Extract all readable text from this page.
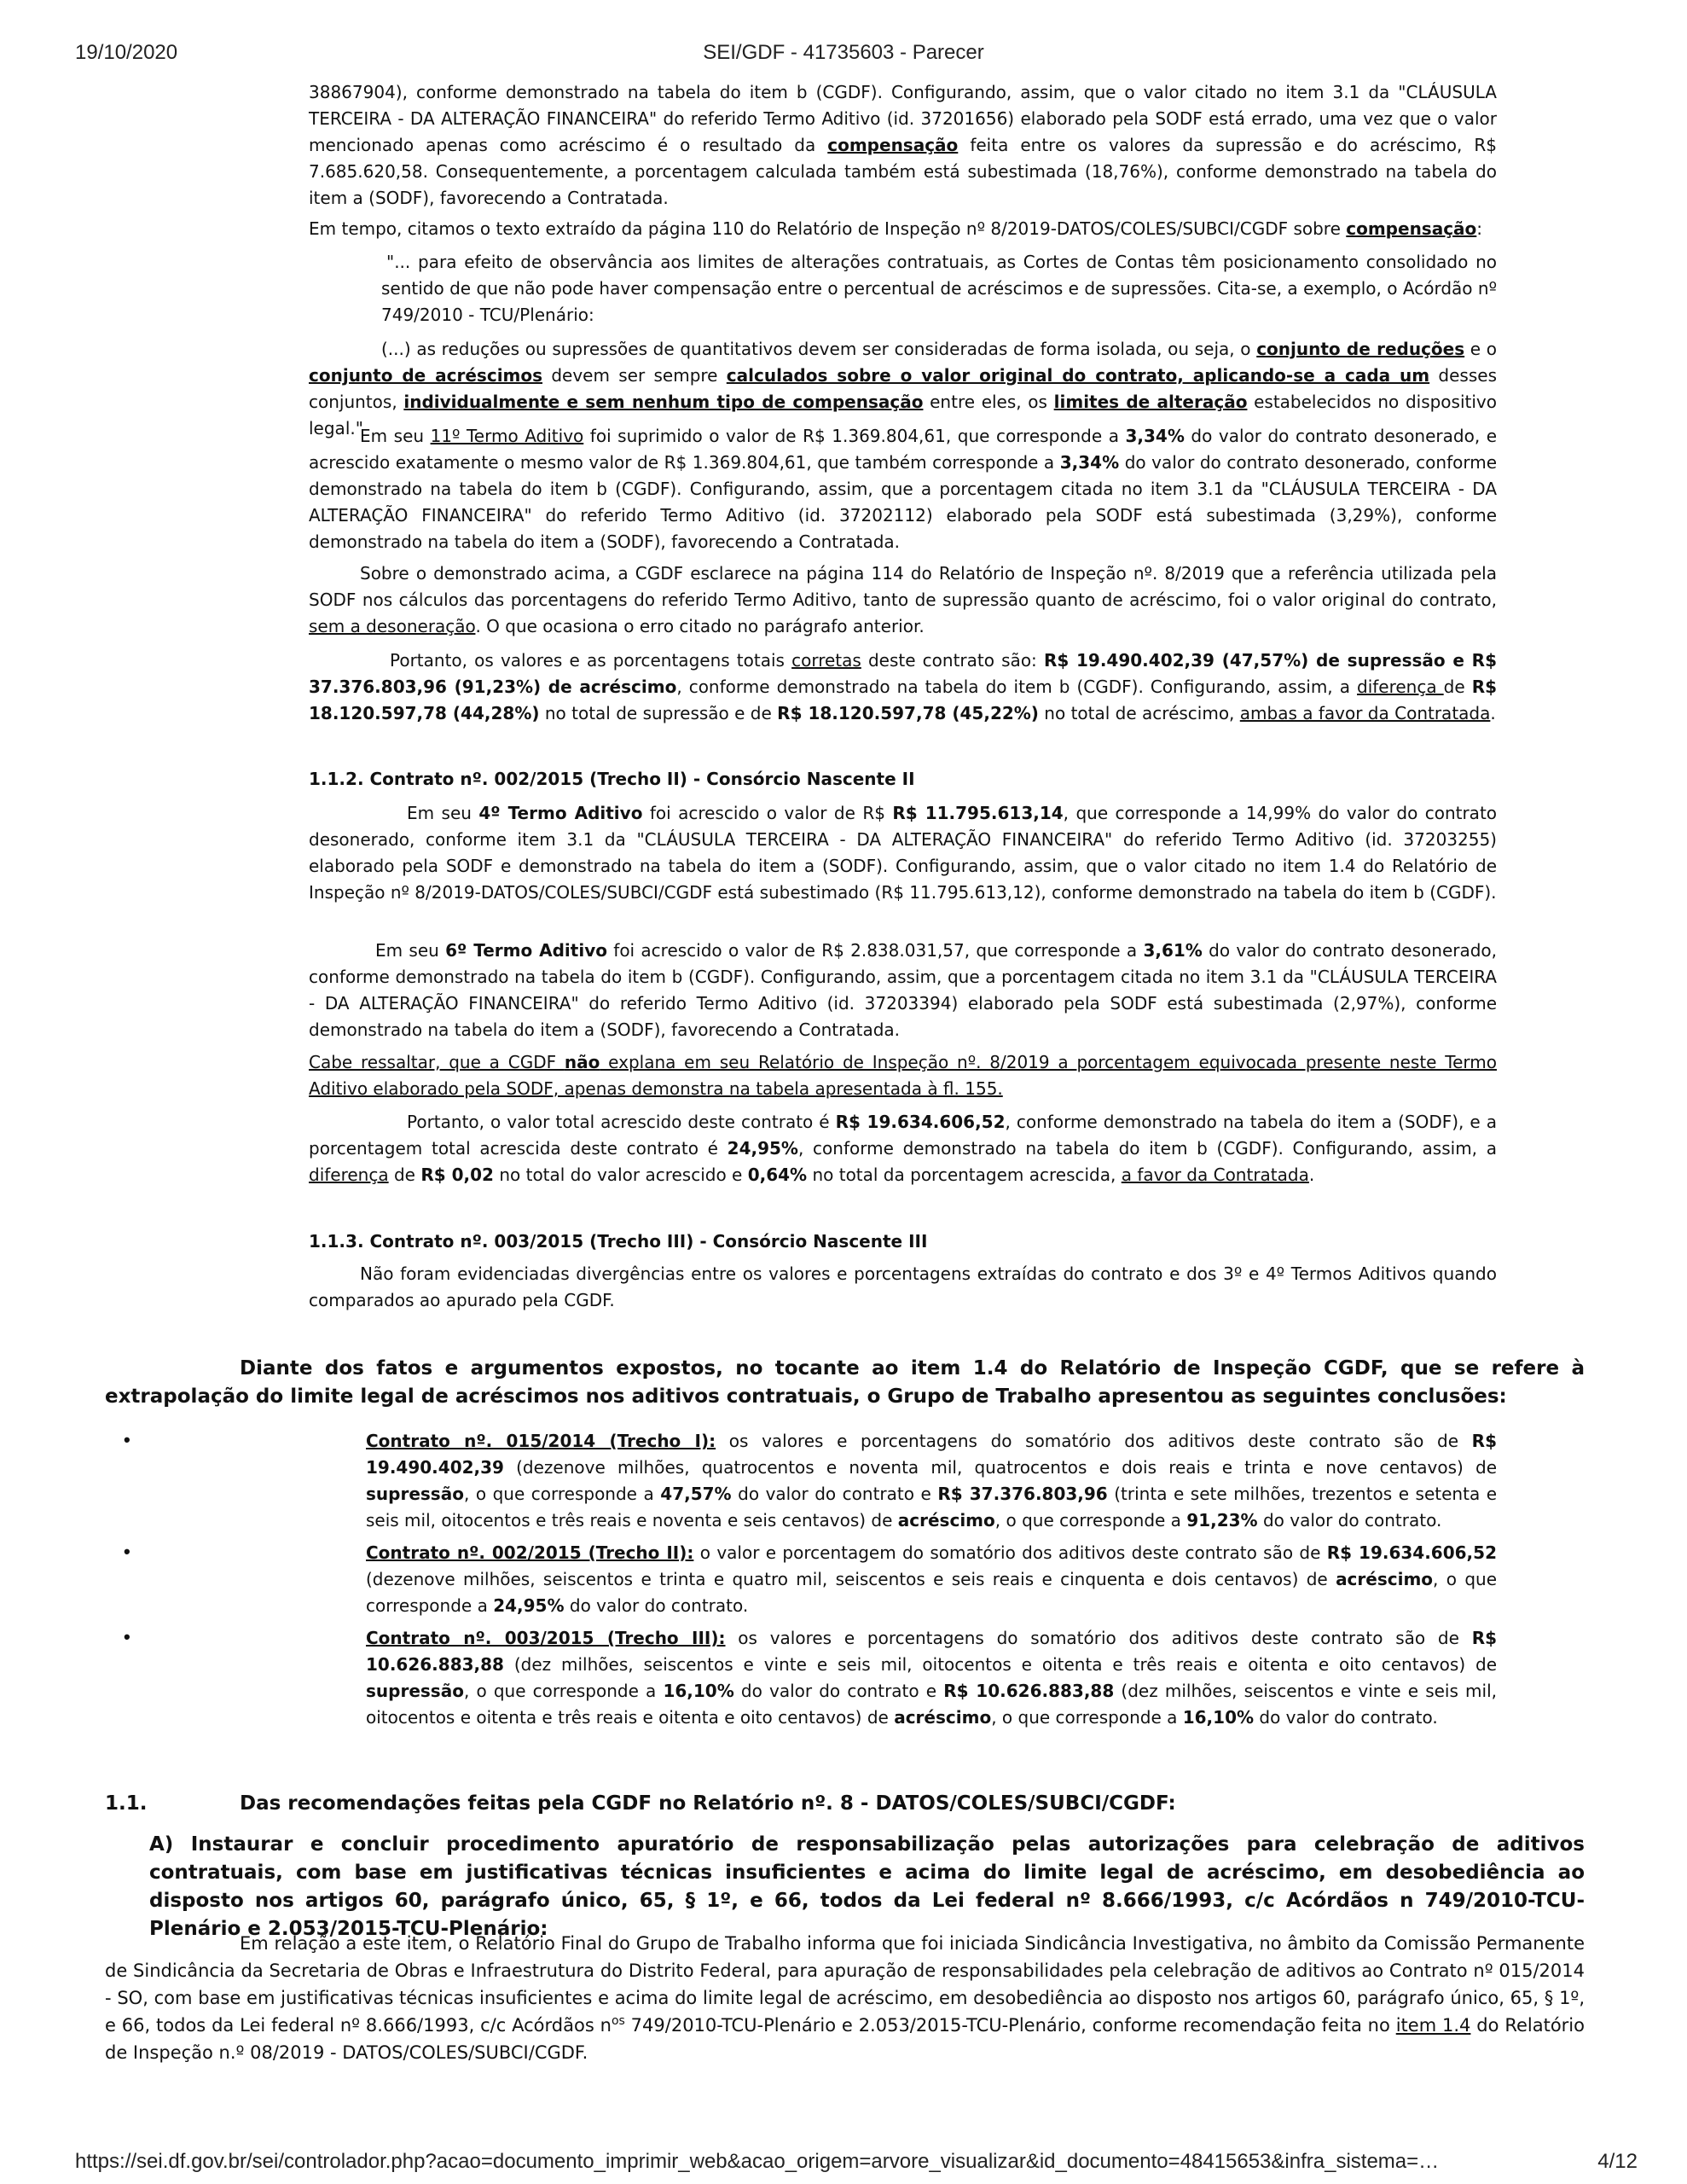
19/10/2020	SEI/GDF - 41735603 - Parecer
38867904), conforme demonstrado na tabela do item b (CGDF). Configurando, assim, que o valor citado no item 3.1 da "CLÁUSULA TERCEIRA - DA ALTERAÇÃO FINANCEIRA" do referido Termo Aditivo (id. 37201656) elaborado pela SODF está errado, uma vez que o valor mencionado apenas como acréscimo é o resultado da compensação feita entre os valores da supressão e do acréscimo, R$ 7.685.620,58. Consequentemente, a porcentagem calculada também está subestimada (18,76%), conforme demonstrado na tabela do item a (SODF), favorecendo a Contratada.
Em tempo, citamos o texto extraído da página 110 do Relatório de Inspeção nº 8/2019-DATOS/COLES/SUBCI/CGDF sobre compensação:
"... para efeito de observância aos limites de alterações contratuais, as Cortes de Contas têm posicionamento consolidado no sentido de que não pode haver compensação entre o percentual de acréscimos e de supressões. Cita-se, a exemplo, o Acórdão nº 749/2010 - TCU/Plenário:
(...) as reduções ou supressões de quantitativos devem ser consideradas de forma isolada, ou seja, o conjunto de reduções e o conjunto de acréscimos devem ser sempre calculados sobre o valor original do contrato, aplicando-se a cada um desses conjuntos, individualmente e sem nenhum tipo de compensação entre eles, os limites de alteração estabelecidos no dispositivo legal."
Em seu 11º Termo Aditivo foi suprimido o valor de R$ 1.369.804,61, que corresponde a 3,34% do valor do contrato desonerado, e acrescido exatamente o mesmo valor de R$ 1.369.804,61, que também corresponde a 3,34% do valor do contrato desonerado, conforme demonstrado na tabela do item b (CGDF). Configurando, assim, que a porcentagem citada no item 3.1 da "CLÁUSULA TERCEIRA - DA ALTERAÇÃO FINANCEIRA" do referido Termo Aditivo (id. 37202112) elaborado pela SODF está subestimada (3,29%), conforme demonstrado na tabela do item a (SODF), favorecendo a Contratada.
Sobre o demonstrado acima, a CGDF esclarece na página 114 do Relatório de Inspeção nº. 8/2019 que a referência utilizada pela SODF nos cálculos das porcentagens do referido Termo Aditivo, tanto de supressão quanto de acréscimo, foi o valor original do contrato, sem a desoneração. O que ocasiona o erro citado no parágrafo anterior.
Portanto, os valores e as porcentagens totais corretas deste contrato são: R$ 19.490.402,39 (47,57%) de supressão e R$ 37.376.803,96 (91,23%) de acréscimo, conforme demonstrado na tabela do item b (CGDF). Configurando, assim, a diferença de R$ 18.120.597,78 (44,28%) no total de supressão e de R$ 18.120.597,78 (45,22%) no total de acréscimo, ambas a favor da Contratada.
1.1.2. Contrato nº. 002/2015 (Trecho II) - Consórcio Nascente II
Em seu 4º Termo Aditivo foi acrescido o valor de R$ R$ 11.795.613,14, que corresponde a 14,99% do valor do contrato desonerado, conforme item 3.1 da "CLÁUSULA TERCEIRA - DA ALTERAÇÃO FINANCEIRA" do referido Termo Aditivo (id. 37203255) elaborado pela SODF e demonstrado na tabela do item a (SODF). Configurando, assim, que o valor citado no item 1.4 do Relatório de Inspeção nº 8/2019-DATOS/COLES/SUBCI/CGDF está subestimado (R$ 11.795.613,12), conforme demonstrado na tabela do item b (CGDF).
Em seu 6º Termo Aditivo foi acrescido o valor de R$ 2.838.031,57, que corresponde a 3,61% do valor do contrato desonerado, conforme demonstrado na tabela do item b (CGDF). Configurando, assim, que a porcentagem citada no item 3.1 da "CLÁUSULA TERCEIRA - DA ALTERAÇÃO FINANCEIRA" do referido Termo Aditivo (id. 37203394) elaborado pela SODF está subestimada (2,97%), conforme demonstrado na tabela do item a (SODF), favorecendo a Contratada.
Cabe ressaltar, que a CGDF não explana em seu Relatório de Inspeção nº. 8/2019 a porcentagem equivocada presente neste Termo Aditivo elaborado pela SODF, apenas demonstra na tabela apresentada à fl. 155.
Portanto, o valor total acrescido deste contrato é R$ 19.634.606,52, conforme demonstrado na tabela do item a (SODF), e a porcentagem total acrescida deste contrato é 24,95%, conforme demonstrado na tabela do item b (CGDF). Configurando, assim, a diferença de R$ 0,02 no total do valor acrescido e 0,64% no total da porcentagem acrescida, a favor da Contratada.
1.1.3. Contrato nº. 003/2015 (Trecho III) - Consórcio Nascente III
Não foram evidenciadas divergências entre os valores e porcentagens extraídas do contrato e dos 3º e 4º Termos Aditivos quando comparados ao apurado pela CGDF.
Diante dos fatos e argumentos expostos, no tocante ao item 1.4 do Relatório de Inspeção CGDF, que se refere à extrapolação do limite legal de acréscimos nos aditivos contratuais, o Grupo de Trabalho apresentou as seguintes conclusões:
•	Contrato nº. 015/2014 (Trecho I): os valores e porcentagens do somatório dos aditivos deste contrato são de R$ 19.490.402,39 (dezenove milhões, quatrocentos e noventa mil, quatrocentos e dois reais e trinta e nove centavos) de supressão, o que corresponde a 47,57% do valor do contrato e R$ 37.376.803,96 (trinta e sete milhões, trezentos e setenta e seis mil, oitocentos e três reais e noventa e seis centavos) de acréscimo, o que corresponde a 91,23% do valor do contrato.
•	Contrato nº. 002/2015 (Trecho II): o valor e porcentagem do somatório dos aditivos deste contrato são de R$ 19.634.606,52 (dezenove milhões, seiscentos e trinta e quatro mil, seiscentos e seis reais e cinquenta e dois centavos) de acréscimo, o que corresponde a 24,95% do valor do contrato.
•	Contrato nº. 003/2015 (Trecho III): os valores e porcentagens do somatório dos aditivos deste contrato são de R$ 10.626.883,88 (dez milhões, seiscentos e vinte e seis mil, oitocentos e oitenta e três reais e oitenta e oito centavos) de supressão, o que corresponde a 16,10% do valor do contrato e R$ 10.626.883,88 (dez milhões, seiscentos e vinte e seis mil, oitocentos e oitenta e três reais e oitenta e oito centavos) de acréscimo, o que corresponde a 16,10% do valor do contrato.
1.1.	Das recomendações feitas pela CGDF no Relatório nº. 8 - DATOS/COLES/SUBCI/CGDF:
A) Instaurar e concluir procedimento apuratório de responsabilização pelas autorizações para celebração de aditivos contratuais, com base em justificativas técnicas insuficientes e acima do limite legal de acréscimo, em desobediência ao disposto nos artigos 60, parágrafo único, 65, § 1º, e 66, todos da Lei federal nº 8.666/1993, c/c Acórdãos n 749/2010-TCU-Plenário e 2.053/2015-TCU-Plenário:
Em relação a este item, o Relatório Final do Grupo de Trabalho informa que foi iniciada Sindicância Investigativa, no âmbito da Comissão Permanente de Sindicância da Secretaria de Obras e Infraestrutura do Distrito Federal, para apuração de responsabilidades pela celebração de aditivos ao Contrato nº 015/2014 - SO, com base em justificativas técnicas insuficientes e acima do limite legal de acréscimo, em desobediência ao disposto nos artigos 60, parágrafo único, 65, § 1º, e 66, todos da Lei federal nº 8.666/1993, c/c Acórdãos $n^{os}$ 749/2010-TCU-Plenário e 2.053/2015-TCU-Plenário, conforme recomendação feita no item 1.4 do Relatório de Inspeção n.º 08/2019 - DATOS/COLES/SUBCI/CGDF.
https://sei.df.gov.br/sei/controlador.php?acao=documento_imprimir_web&acao_origem=arvore_visualizar&id_documento=48415653&infra_sistema=…	4/12
